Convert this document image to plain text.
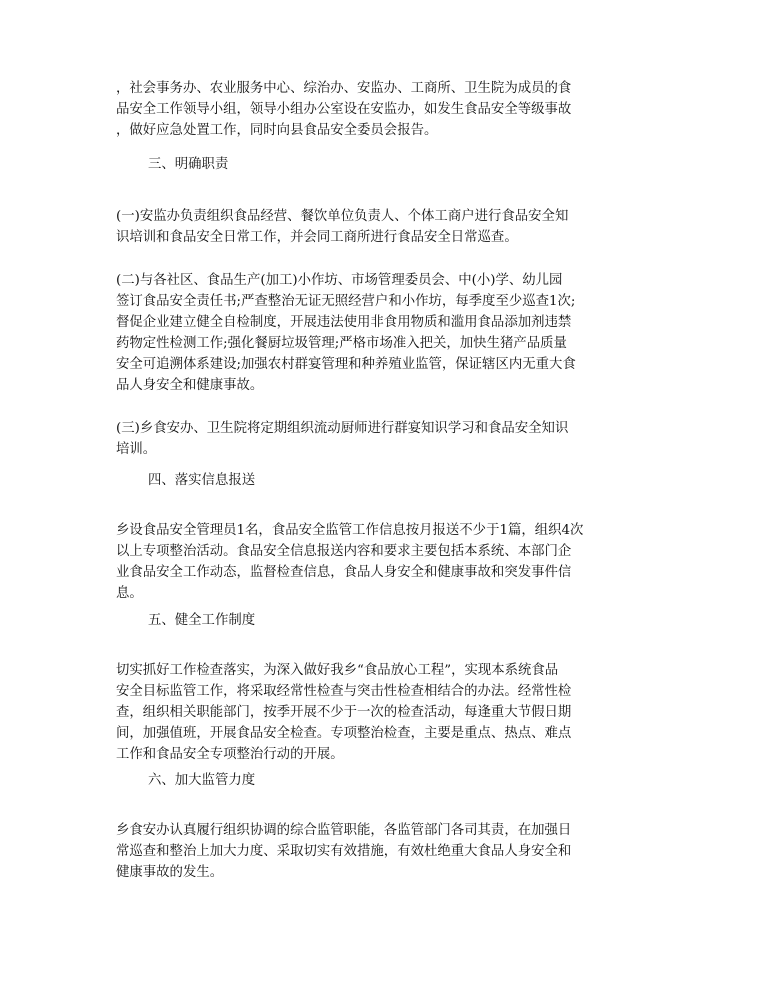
，社会事务办、农业服务中心、综治办、安监办、工商所、卫生院为成员的食
品安全工作领导小组，领导小组办公室设在安监办，如发生食品安全等级事故
，做好应急处置工作，同时向县食品安全委员会报告。
三、明确职责
(一)安监办负责组织食品经营、餐饮单位负责人、个体工商户进行食品安全知
识培训和食品安全日常工作，并会同工商所进行食品安全日常巡查。
(二)与各社区、食品生产(加工)小作坊、市场管理委员会、中(小)学、幼儿园
签订食品安全责任书;严查整治无证无照经营户和小作坊，每季度至少巡查1次;
督促企业建立健全自检制度，开展违法使用非食用物质和滥用食品添加剂违禁
药物定性检测工作;强化餐厨垃圾管理;严格市场准入把关，加快生猪产品质量
安全可追溯体系建设;加强农村群宴管理和种养殖业监管，保证辖区内无重大食
品人身安全和健康事故。
(三)乡食安办、卫生院将定期组织流动厨师进行群宴知识学习和食品安全知识
培训。
四、落实信息报送
乡设食品安全管理员1名，食品安全监管工作信息按月报送不少于1篇，组织4次
以上专项整治活动。食品安全信息报送内容和要求主要包括本系统、本部门企
业食品安全工作动态，监督检查信息，食品人身安全和健康事故和突发事件信
息。
五、健全工作制度
切实抓好工作检查落实，为深入做好我乡“食品放心工程”，实现本系统食品
安全目标监管工作，将采取经常性检查与突击性检查相结合的办法。经常性检
查，组织相关职能部门，按季开展不少于一次的检查活动，每逢重大节假日期
间，加强值班，开展食品安全检查。专项整治检查，主要是重点、热点、难点
工作和食品安全专项整治行动的开展。
六、加大监管力度
乡食安办认真履行组织协调的综合监管职能，各监管部门各司其责，在加强日
常巡查和整治上加大力度、采取切实有效措施，有效杜绝重大食品人身安全和
健康事故的发生。
